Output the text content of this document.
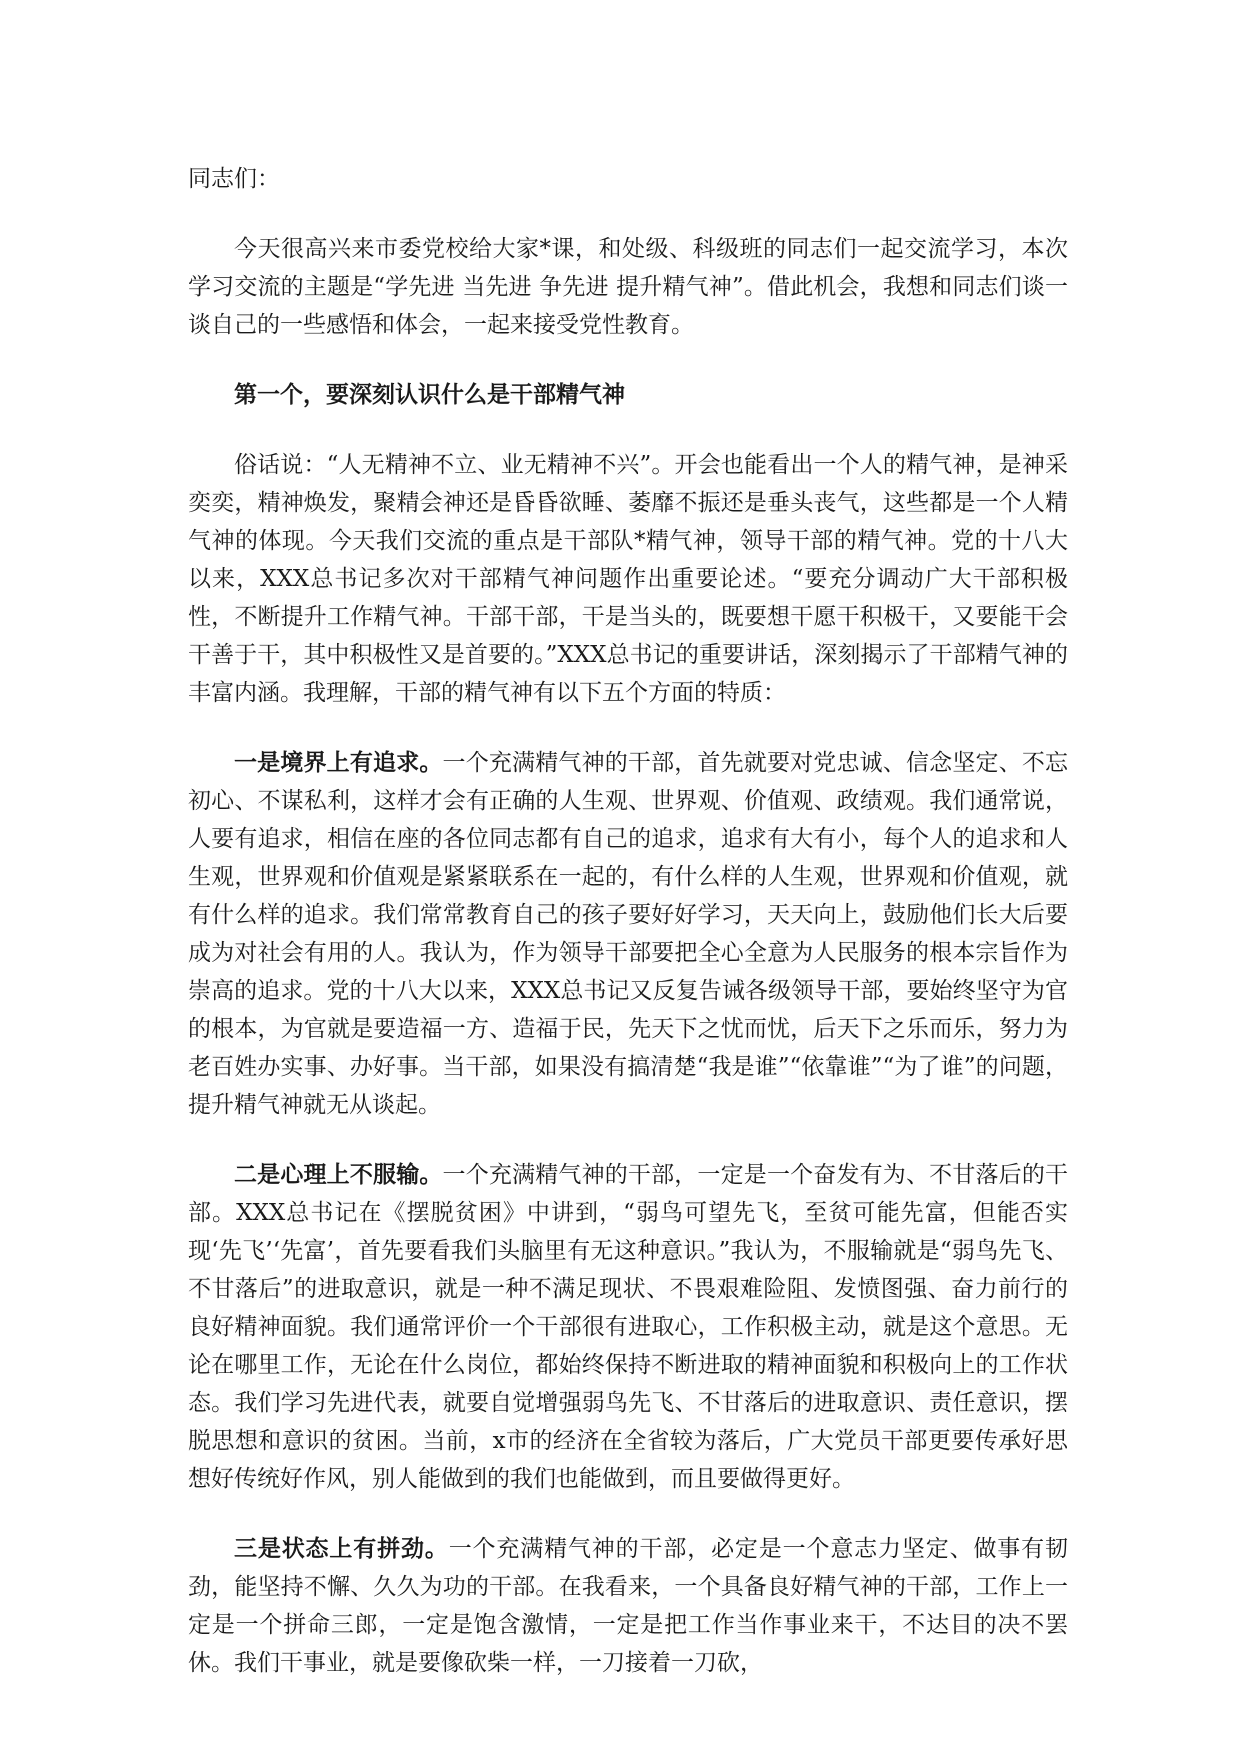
同志们：

今天很高兴来市委党校给大家*课，和处级、科级班的同志们一起交流学习，本次学习交流的主题是“学先进 当先进 争先进 提升精气神”。借此机会，我想和同志们谈一谈自己的一些感悟和体会，一起来接受党性教育。

第一个，要深刻认识什么是干部精气神

俗话说：“人无精神不立、业无精神不兴”。开会也能看出一个人的精气神，是神采奕奕，精神焕发，聚精会神还是昏昏欲睡、萎靡不振还是垂头丧气，这些都是一个人精气神的体现。今天我们交流的重点是干部队*精气神，领导干部的精气神。党的十八大以来，XXX总书记多次对干部精气神问题作出重要论述。“要充分调动广大干部积极性，不断提升工作精气神。干部干部，干是当头的，既要想干愿干积极干，又要能干会干善于干，其中积极性又是首要的。”XXX总书记的重要讲话，深刻揭示了干部精气神的丰富内涵。我理解，干部的精气神有以下五个方面的特质：

一是境界上有追求。一个充满精气神的干部，首先就要对党忠诚、信念坚定、不忘初心、不谋私利，这样才会有正确的人生观、世界观、价值观、政绩观。我们通常说，人要有追求，相信在座的各位同志都有自己的追求，追求有大有小，每个人的追求和人生观，世界观和价值观是紧紧联系在一起的，有什么样的人生观，世界观和价值观，就有什么样的追求。我们常常教育自己的孩子要好好学习，天天向上，鼓励他们长大后要成为对社会有用的人。我认为，作为领导干部要把全心全意为人民服务的根本宗旨作为崇高的追求。党的十八大以来，XXX总书记又反复告诫各级领导干部，要始终坚守为官的根本，为官就是要造福一方、造福于民，先天下之忧而忧，后天下之乐而乐，努力为老百姓办实事、办好事。当干部，如果没有搞清楚“我是谁”“依靠谁”“为了谁”的问题，提升精气神就无从谈起。

二是心理上不服输。一个充满精气神的干部，一定是一个奋发有为、不甘落后的干部。XXX总书记在《摆脱贫困》中讲到，“弱鸟可望先飞，至贫可能先富，但能否实现‘先飞’‘先富’，首先要看我们头脑里有无这种意识。”我认为，不服输就是“弱鸟先飞、不甘落后”的进取意识，就是一种不满足现状、不畏艰难险阻、发愤图强、奋力前行的良好精神面貌。我们通常评价一个干部很有进取心，工作积极主动，就是这个意思。无论在哪里工作，无论在什么岗位，都始终保持不断进取的精神面貌和积极向上的工作状态。我们学习先进代表，就要自觉增强弱鸟先飞、不甘落后的进取意识、责任意识，摆脱思想和意识的贫困。当前，x市的经济在全省较为落后，广大党员干部更要传承好思想好传统好作风，别人能做到的我们也能做到，而且要做得更好。

三是状态上有拼劲。一个充满精气神的干部，必定是一个意志力坚定、做事有韧劲，能坚持不懈、久久为功的干部。在我看来，一个具备良好精气神的干部，工作上一定是一个拼命三郎，一定是饱含激情，一定是把工作当作事业来干，不达目的决不罢休。我们干事业，就是要像砍柴一样，一刀接着一刀砍，
